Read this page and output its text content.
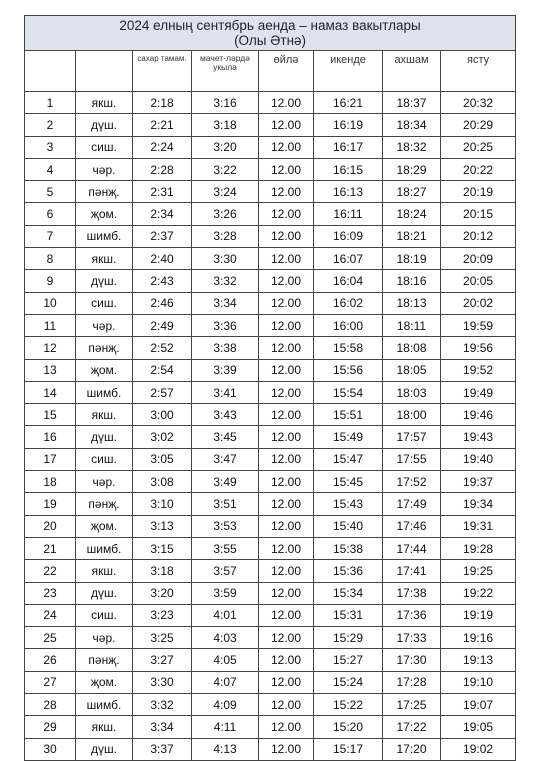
2024 елның сентябрь аенда – намаз вакытлары
(Олы Әтнә)							

		сахар тамам.	мачет-ләрдә укыла	өйлә	икенде	ахшам	ясту
1	якш.	2:18	3:16	12.00	16:21	18:37	20:32
2	дүш.	2:21	3:18	12.00	16:19	18:34	20:29
3	сиш.	2:24	3:20	12.00	16:17	18:32	20:25
4	чәр.	2:28	3:22	12.00	16:15	18:29	20:22
5	пәнҗ.	2:31	3:24	12.00	16:13	18:27	20:19
6	җом.	2:34	3:26	12.00	16:11	18:24	20:15
7	шимб.	2:37	3:28	12.00	16:09	18:21	20:12
8	якш.	2:40	3:30	12.00	16:07	18:19	20:09
9	дүш.	2:43	3:32	12.00	16:04	18:16	20:05
10	сиш.	2:46	3:34	12.00	16:02	18:13	20:02
11	чәр.	2:49	3:36	12.00	16:00	18:11	19:59
12	пәнҗ.	2:52	3:38	12.00	15:58	18:08	19:56
13	җом.	2:54	3:39	12.00	15:56	18:05	19:52
14	шимб.	2:57	3:41	12.00	15:54	18:03	19:49
15	якш.	3:00	3:43	12.00	15:51	18:00	19:46
16	дүш.	3:02	3:45	12.00	15:49	17:57	19:43
17	сиш.	3:05	3:47	12.00	15:47	17:55	19:40
18	чәр.	3:08	3:49	12.00	15:45	17:52	19:37
19	пәнҗ.	3:10	3:51	12.00	15:43	17:49	19:34
20	җом.	3:13	3:53	12.00	15:40	17:46	19:31
21	шимб.	3:15	3:55	12.00	15:38	17:44	19:28
22	якш.	3:18	3:57	12.00	15:36	17:41	19:25
23	дүш.	3:20	3:59	12.00	15:34	17:38	19:22
24	сиш.	3:23	4:01	12.00	15:31	17:36	19:19
25	чәр.	3:25	4:03	12.00	15:29	17:33	19:16
26	пәнҗ.	3:27	4:05	12.00	15:27	17:30	19:13
27	җом.	3:30	4:07	12.00	15:24	17:28	19:10
28	шимб.	3:32	4:09	12.00	15:22	17:25	19:07
29	якш.	3:34	4:11	12.00	15:20	17:22	19:05
30	дүш.	3:37	4:13	12.00	15:17	17:20	19:02
